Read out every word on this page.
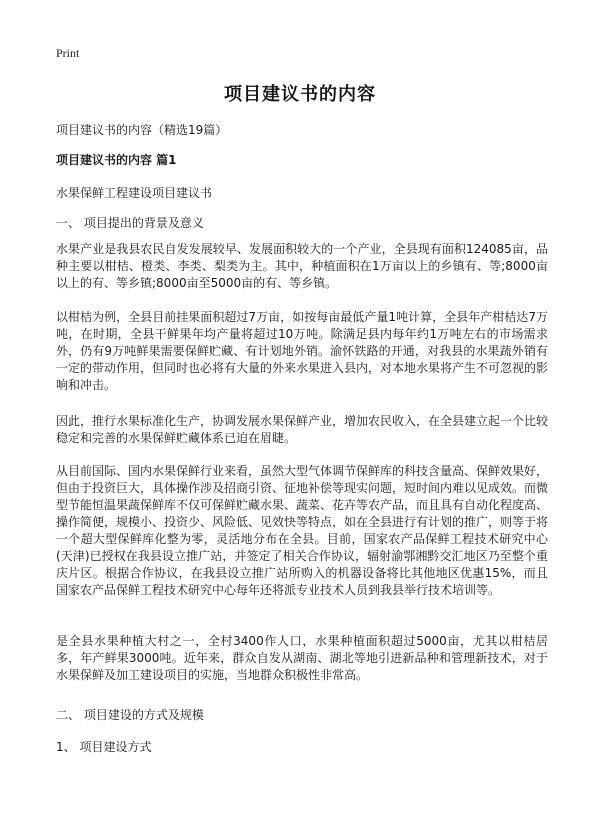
Print
项目建议书的内容
项目建议书的内容（精选19篇）
项目建议书的内容 篇1
水果保鲜工程建设项目建议书
一、 项目提出的背景及意义
水果产业是我县农民自发发展较早、发展面积较大的一个产业，全县现有面积124085亩，品种主要以柑桔、橙类、李类、梨类为主。其中，种植面积在1万亩以上的乡镇有、等;8000亩以上的有、等乡镇;8000亩至5000亩的有、等乡镇。
以柑桔为例，全县目前挂果面积超过7万亩，如按每亩最低产量1吨计算，全县年产柑桔达7万吨，在时期，全县干鲜果年均产量将超过10万吨。除满足县内每年约1万吨左右的市场需求外，仍有9万吨鲜果需要保鲜贮藏、有计划地外销。渝怀铁路的开通，对我县的水果蔬外销有一定的带动作用，但同时也必将有大量的外来水果进入县内，对本地水果将产生不可忽视的影响和冲击。
因此，推行水果标准化生产，协调发展水果保鲜产业，增加农民收入，在全县建立起一个比较稳定和完善的水果保鲜贮藏体系已迫在眉睫。
从目前国际、国内水果保鲜行业来看，虽然大型气体调节保鲜库的科技含量高、保鲜效果好，但由于投资巨大，具体操作涉及招商引资、征地补偿等现实问题，短时间内难以见成效。而微型节能恒温果蔬保鲜库不仅可保鲜贮藏水果、蔬菜、花卉等农产品，而且具有自动化程度高、操作简便，规模小、投资少、风险低、见效快等特点，如在全县进行有计划的推广，则等于将一个超大型保鲜库化整为零，灵活地分布在全县。目前，国家农产品保鲜工程技术研究中心(天津)已授权在我县设立推广站，并签定了相关合作协议，辐射渝鄂湘黔交汇地区乃至整个重庆片区。根据合作协议，在我县设立推广站所购入的机器设备将比其他地区优惠15%，而且国家农产品保鲜工程技术研究中心每年还将派专业技术人员到我县举行技术培训等。
是全县水果种植大村之一，全村3400作人口，水果种植面积超过5000亩，尤其以柑桔居多，年产鲜果3000吨。近年来，群众自发从湖南、湖北等地引进新品种和管理新技术，对于水果保鲜及加工建设项目的实施，当地群众积极性非常高。
二、 项目建设的方式及规模
1、 项目建设方式
